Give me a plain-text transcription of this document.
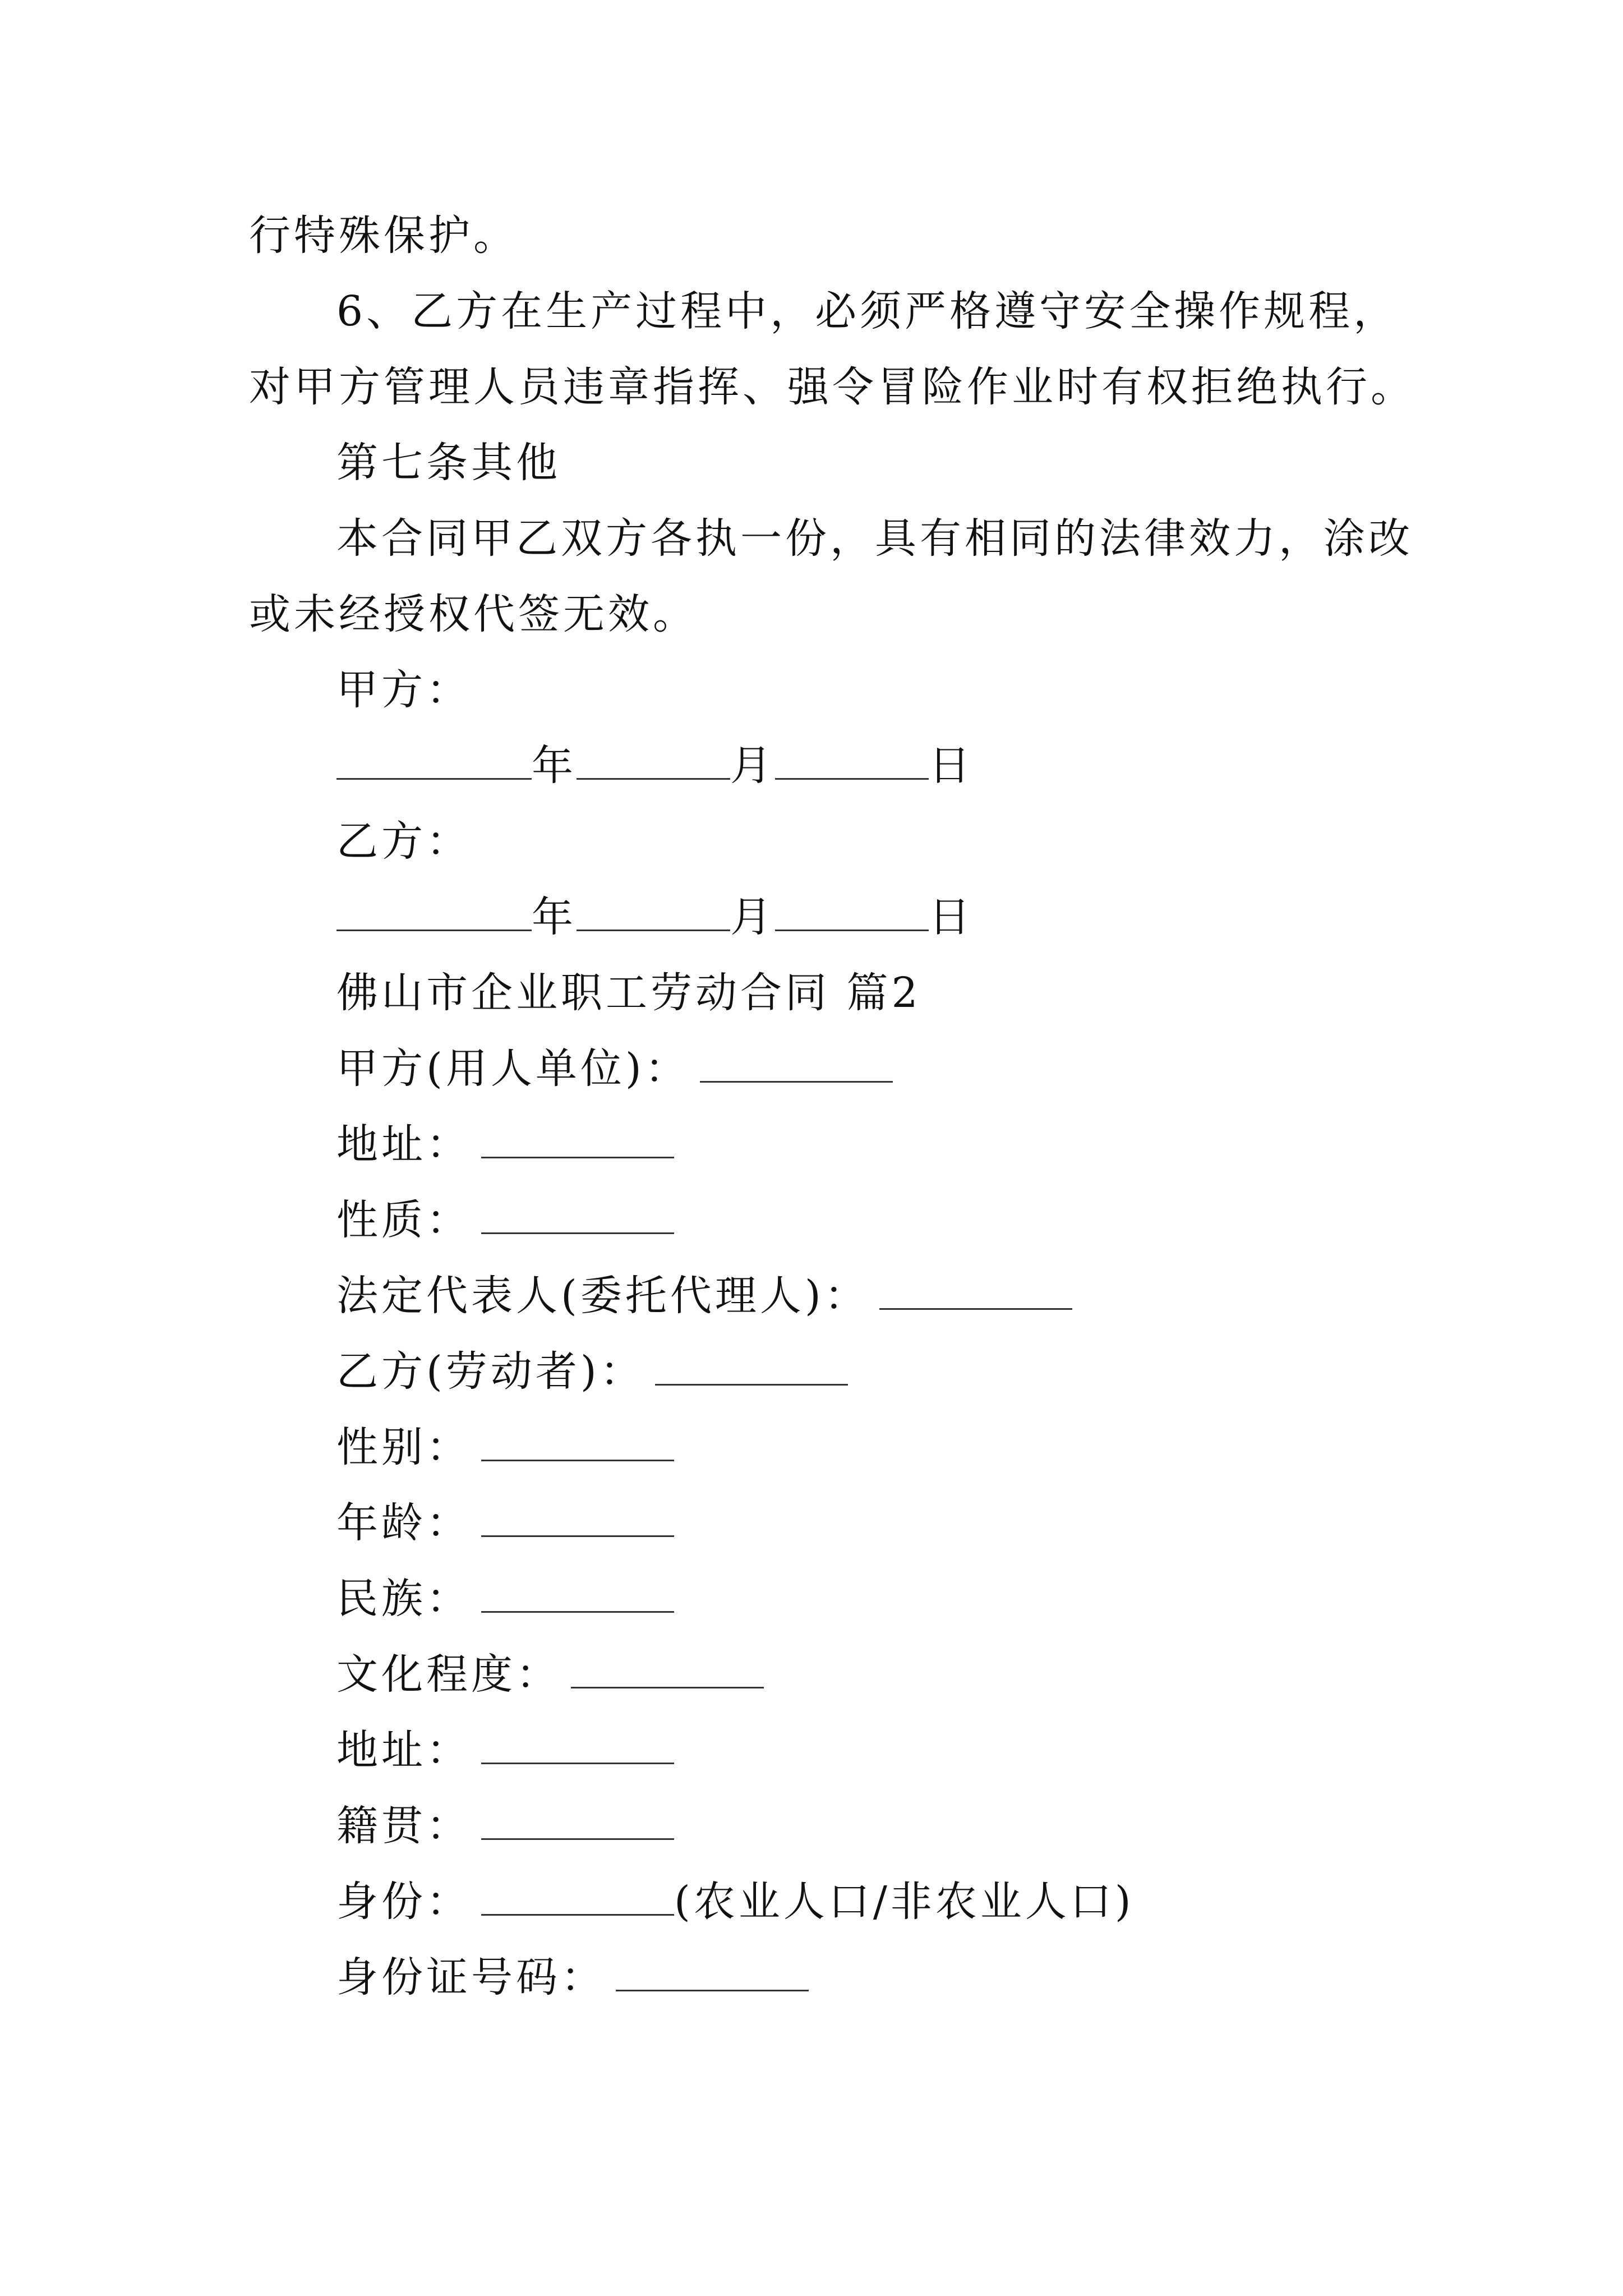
行特殊保护。
6、乙方在生产过程中，必须严格遵守安全操作规程，
对甲方管理人员违章指挥、强令冒险作业时有权拒绝执行。
第七条其他
本合同甲乙双方各执一份，具有相同的法律效力，涂改
或未经授权代签无效。
甲方：
年	月	日
乙方：
年	月	日
佛山市企业职工劳动合同 篇2
甲方(用人单位)：
地址：
性质：
法定代表人(委托代理人)：
乙方(劳动者)：
性别：
年龄：
民族：
文化程度：
地址：
籍贯：
身份：	(农业人口/非农业人口)
身份证号码：
